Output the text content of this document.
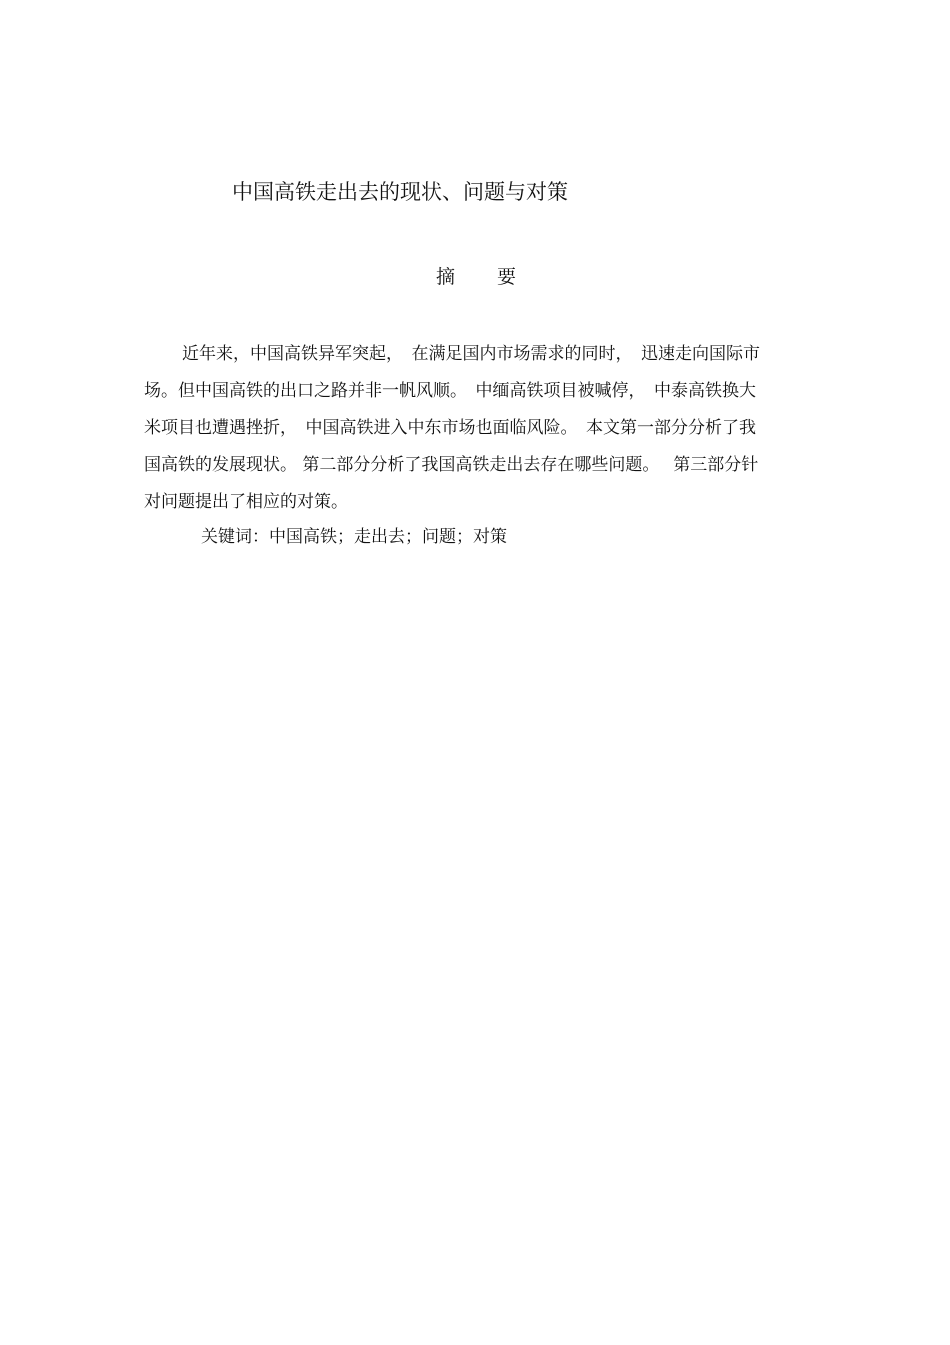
中国高铁走出去的现状、问题与对策
摘 要
近年来，中国高铁异军突起，　在满足国内市场需求的同时，　迅速走向国际市
场。但中国高铁的出口之路并非一帆风顺。　中缅高铁项目被喊停，　中泰高铁换大
米项目也遭遇挫折，　中国高铁进入中东市场也面临风险。　本文第一部分分析了我
国高铁的发展现状。 第二部分分析了我国高铁走出去存在哪些问题。　 第三部分针
对问题提出了相应的对策。
关键词：中国高铁；走出去；问题；对策
